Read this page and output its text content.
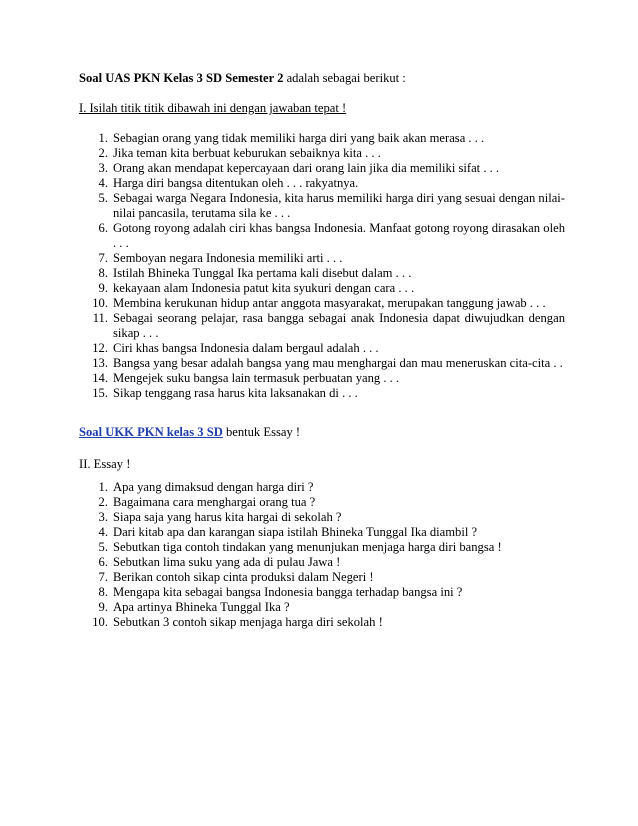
Soal UAS PKN Kelas 3 SD Semester 2 adalah sebagai berikut :
I. Isilah titik titik dibawah ini dengan jawaban tepat !
1. Sebagian orang yang tidak memiliki harga diri yang baik akan merasa . . .
2. Jika teman kita berbuat keburukan sebaiknya kita . . .
3. Orang akan mendapat kepercayaan dari orang lain jika dia memiliki sifat . . .
4. Harga diri bangsa ditentukan oleh . . . rakyatnya.
5. Sebagai warga Negara Indonesia, kita harus memiliki harga diri yang sesuai dengan nilai-nilai pancasila, terutama sila ke . . .
6. Gotong royong adalah ciri khas bangsa Indonesia. Manfaat gotong royong dirasakan oleh . . .
7. Semboyan negara Indonesia memiliki arti . . .
8. Istilah Bhineka Tunggal Ika pertama kali disebut dalam . . .
9. kekayaan alam Indonesia patut kita syukuri dengan cara . . .
10. Membina kerukunan hidup antar anggota masyarakat, merupakan tanggung jawab . . .
11. Sebagai seorang pelajar, rasa bangga sebagai anak Indonesia dapat diwujudkan dengan sikap . . .
12. Ciri khas bangsa Indonesia dalam bergaul adalah . . .
13. Bangsa yang besar adalah bangsa yang mau menghargai dan mau meneruskan cita-cita . .
14. Mengejek suku bangsa lain termasuk perbuatan yang . . .
15. Sikap tenggang rasa harus kita laksanakan di . . .
Soal UKK PKN kelas 3 SD bentuk Essay !
II. Essay !
1. Apa yang dimaksud dengan harga diri ?
2. Bagaimana cara menghargai orang tua ?
3. Siapa saja yang harus kita hargai di sekolah ?
4. Dari kitab apa dan karangan siapa istilah Bhineka Tunggal Ika diambil ?
5. Sebutkan tiga contoh tindakan yang menunjukan menjaga harga diri bangsa !
6. Sebutkan lima suku yang ada di pulau Jawa !
7. Berikan contoh sikap cinta produksi dalam Negeri !
8. Mengapa kita sebagai bangsa Indonesia bangga terhadap bangsa ini ?
9. Apa artinya Bhineka Tunggal Ika ?
10. Sebutkan 3 contoh sikap menjaga harga diri sekolah !
